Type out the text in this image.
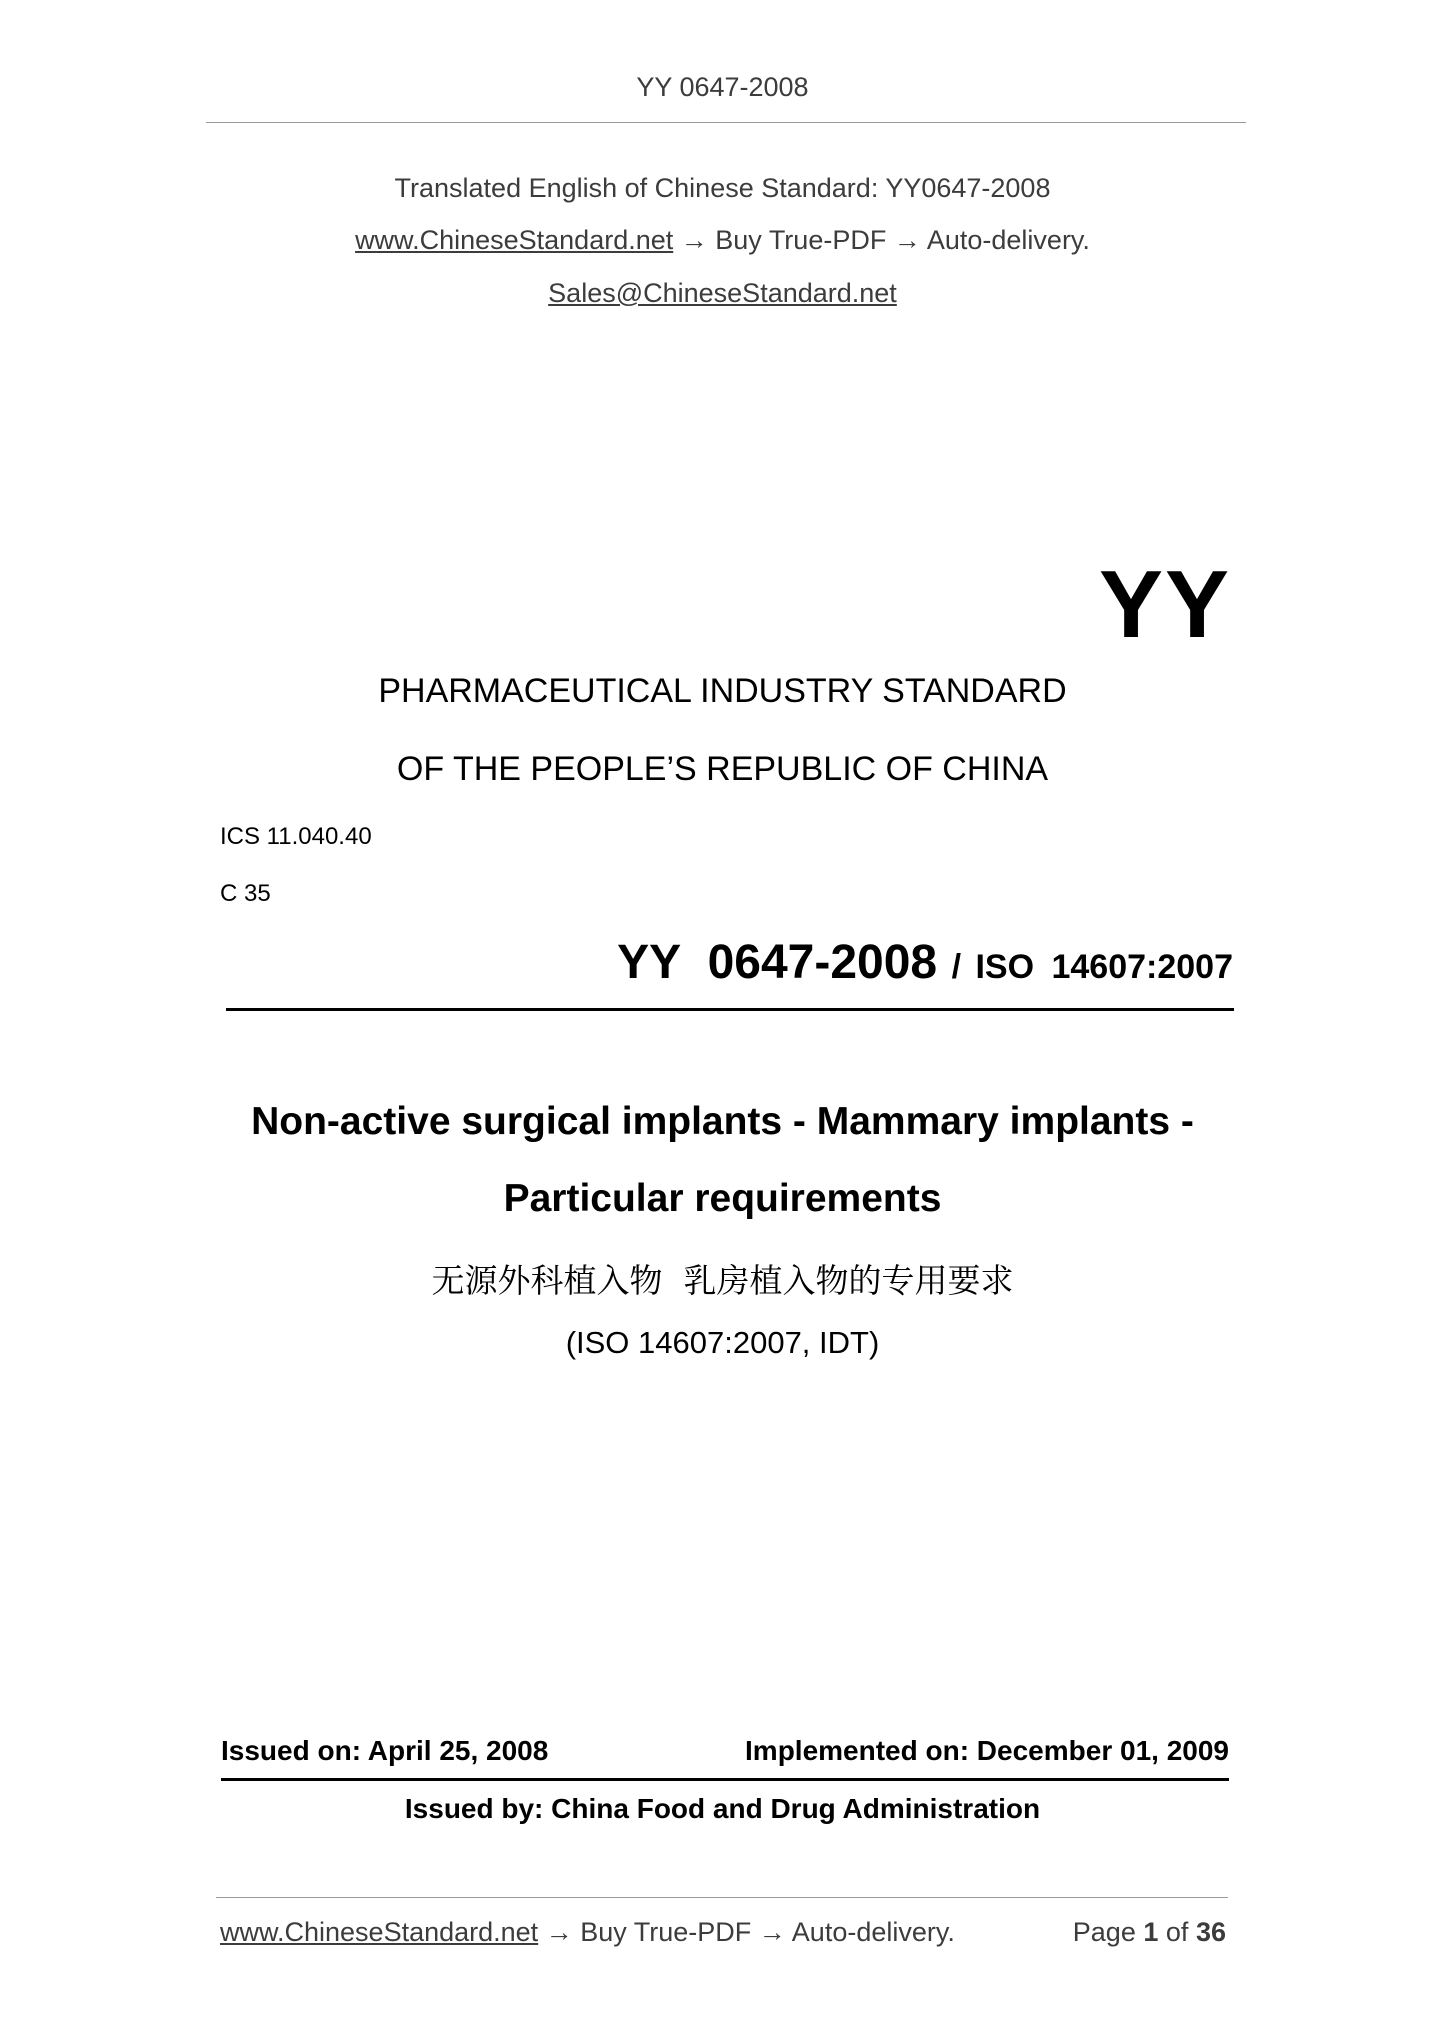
YY 0647-2008
Translated English of Chinese Standard: YY0647-2008
www.ChineseStandard.net → Buy True-PDF → Auto-delivery.
Sales@ChineseStandard.net
YY
PHARMACEUTICAL INDUSTRY STANDARD
OF THE PEOPLE’S REPUBLIC OF CHINA
ICS 11.040.40
C 35
YY 0647-2008 / ISO 14607:2007
Non-active surgical implants - Mammary implants -
Particular requirements
无源外科植入物  乳房植入物的专用要求
(ISO 14607:2007, IDT)
Issued on: April 25, 2008	Implemented on: December 01, 2009
Issued by: China Food and Drug Administration
www.ChineseStandard.net → Buy True-PDF → Auto-delivery.	Page 1 of 36
